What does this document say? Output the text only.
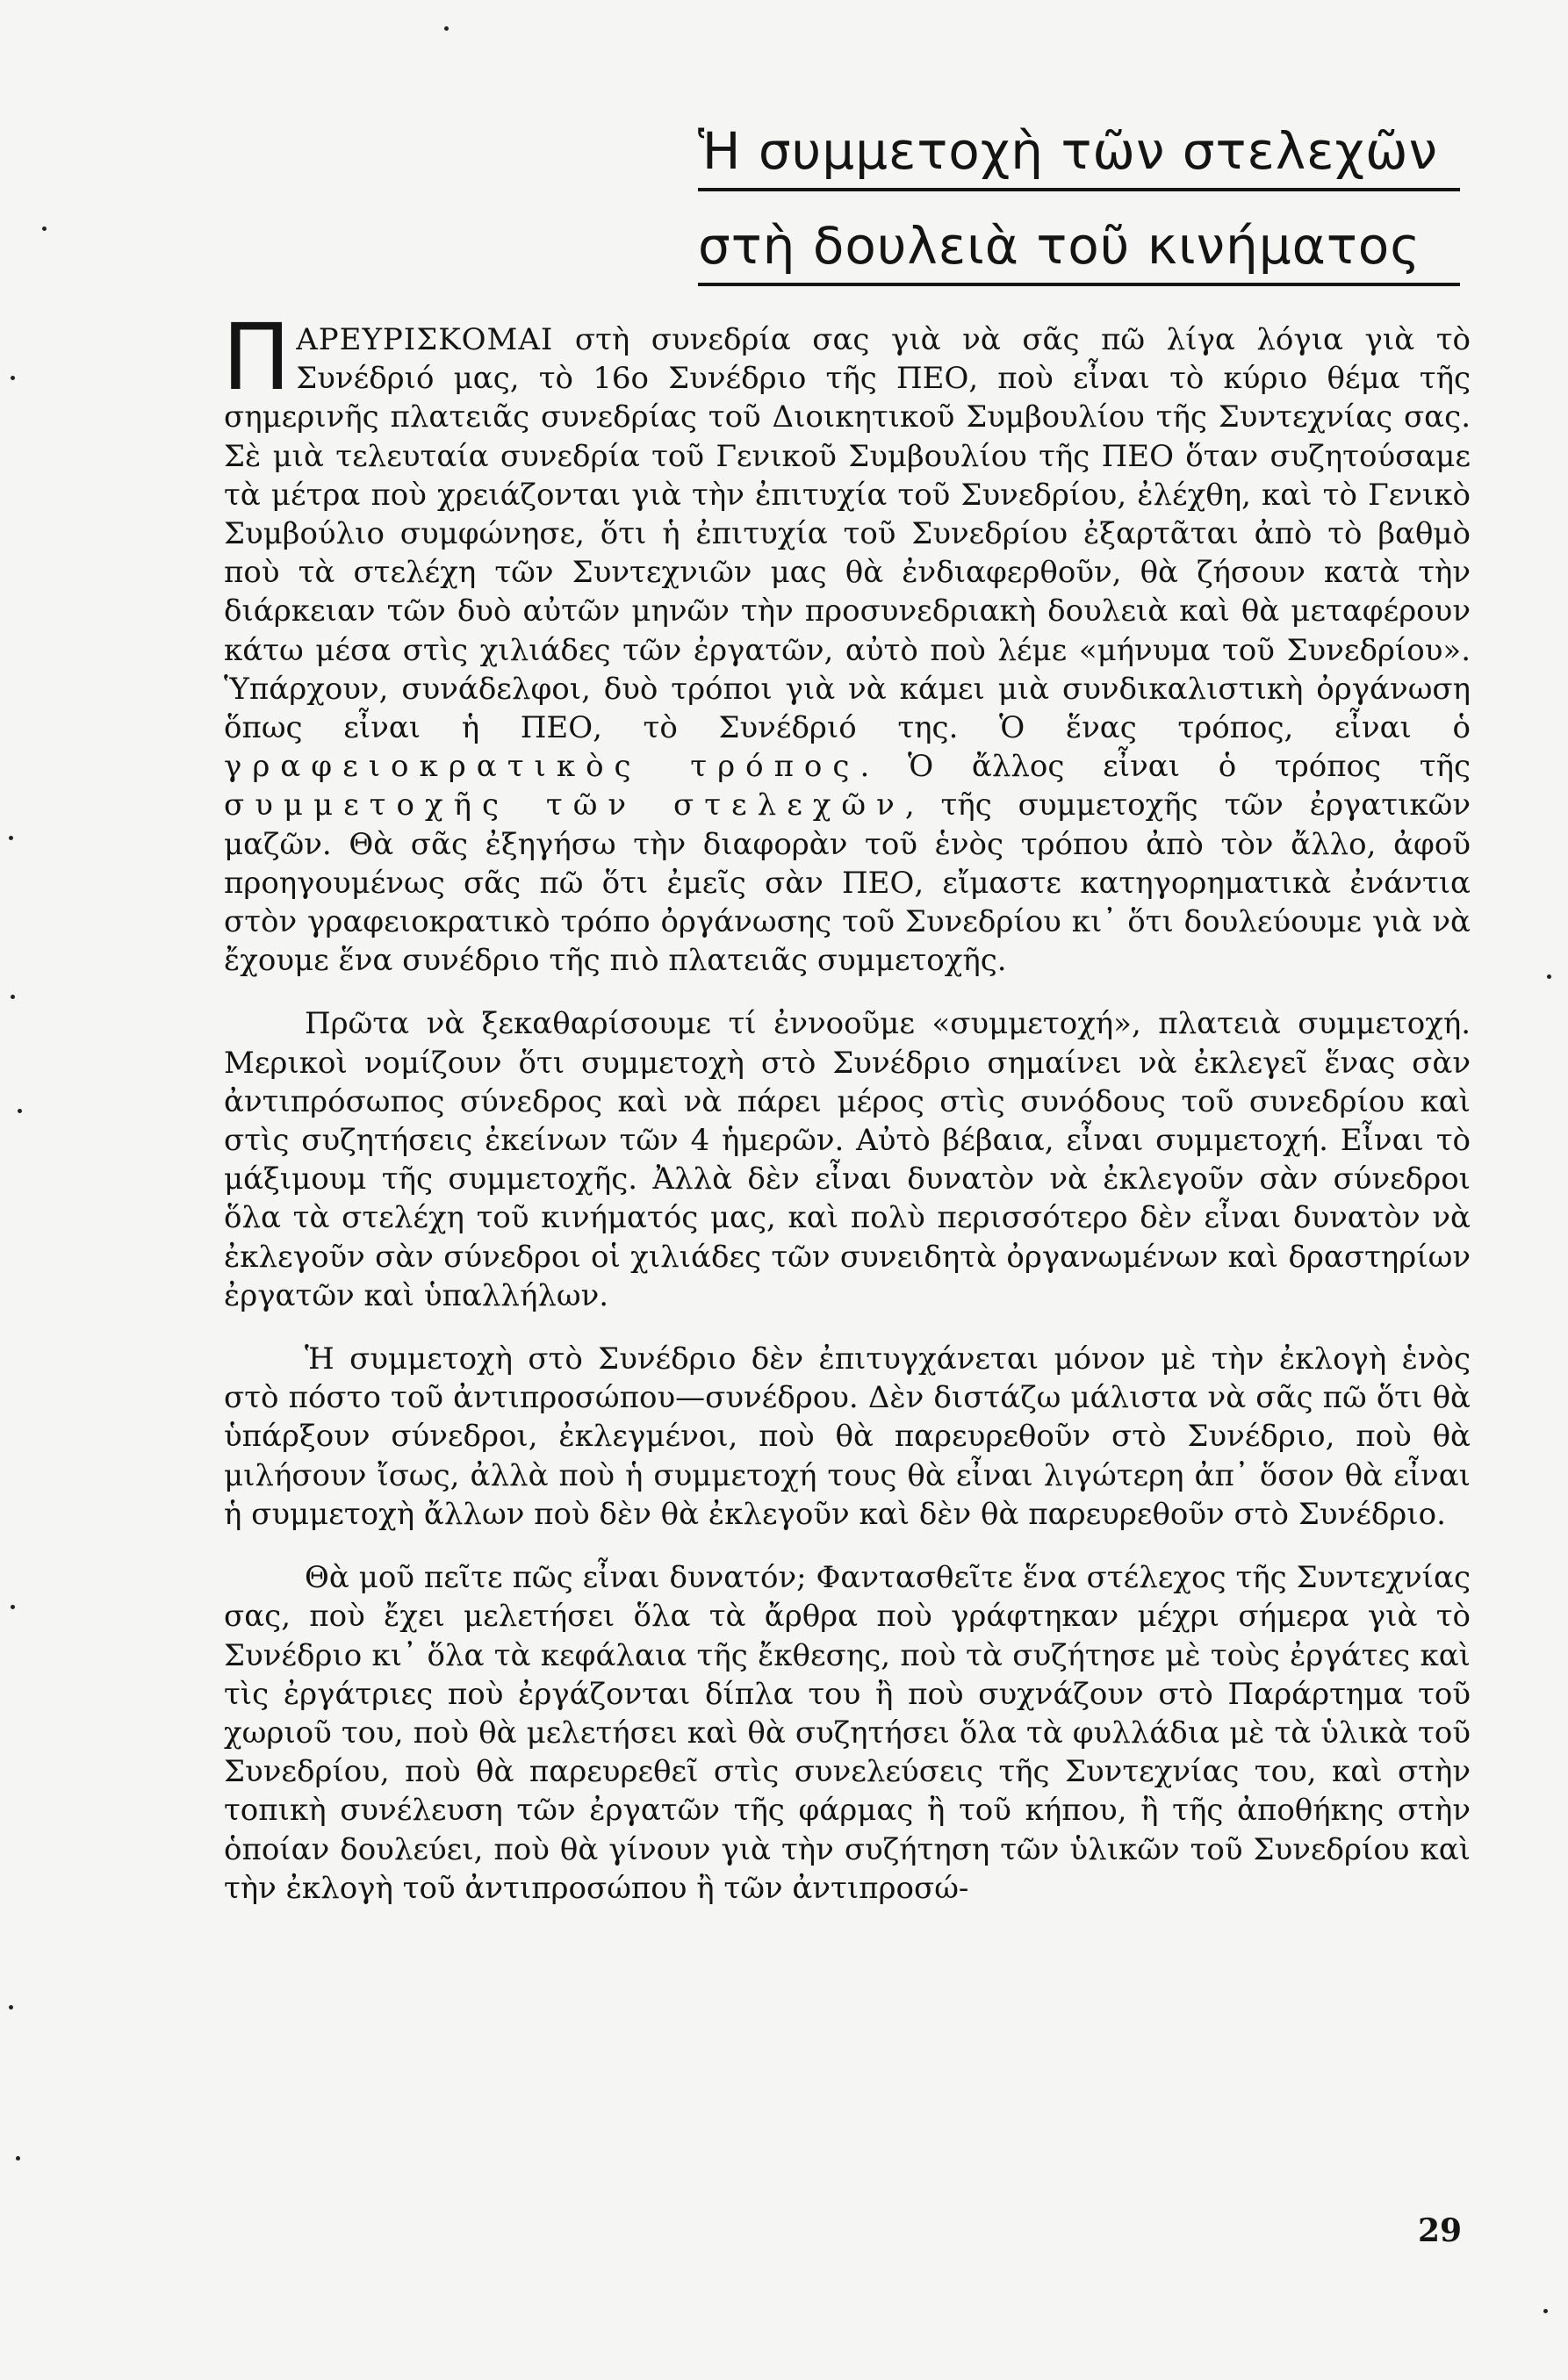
Ἡ συμμετοχὴ τῶν στελεχῶν στὴ δουλειὰ τοῦ κινήματος

ΠΑΡΕΥΡΙΣΚΟΜΑΙ στὴ συνεδρία σας γιὰ νὰ σᾶς πῶ λίγα λόγια γιὰ τὸ Συνέδριό μας, τὸ 16ο Συνέδριο τῆς ΠΕΟ, ποὺ εἶναι τὸ κύριο θέμα τῆς σημερινῆς πλατειᾶς συνεδρίας τοῦ Διοικητικοῦ Συμβουλίου τῆς Συντεχνίας σας. Σὲ μιὰ τελευταία συνεδρία τοῦ Γενικοῦ Συμβουλίου τῆς ΠΕΟ ὅταν συζητούσαμε τὰ μέτρα ποὺ χρειάζονται γιὰ τὴν ἐπιτυχία τοῦ Συνεδρίου, ἐλέχθη, καὶ τὸ Γενικὸ Συμβούλιο συμφώνησε, ὅτι ἡ ἐπιτυχία τοῦ Συνεδρίου ἐξαρτᾶται ἀπὸ τὸ βαθμὸ ποὺ τὰ στελέχη τῶν Συντεχνιῶν μας θὰ ἐνδιαφερθοῦν, θὰ ζήσουν κατὰ τὴν διάρκειαν τῶν δυὸ αὐτῶν μηνῶν τὴν προσυνεδριακὴ δουλειὰ καὶ θὰ μεταφέρουν κάτω μέσα στὶς χιλιάδες τῶν ἐργατῶν, αὐτὸ ποὺ λέμε «μήνυμα τοῦ Συνεδρίου». Ὑπάρχουν, συνάδελφοι, δυὸ τρόποι γιὰ νὰ κάμει μιὰ συνδικαλιστικὴ ὀργάνωση ὅπως εἶναι ἡ ΠΕΟ, τὸ Συνέδριό της. Ὁ ἕνας τρόπος, εἶναι ὁ γραφειοκρατικὸς τρόπος. Ὁ ἄλλος εἶναι ὁ τρόπος τῆς συμμετοχῆς τῶν στελεχῶν, τῆς συμμετοχῆς τῶν ἐργατικῶν μαζῶν. Θὰ σᾶς ἐξηγήσω τὴν διαφορὰν τοῦ ἑνὸς τρόπου ἀπὸ τὸν ἄλλο, ἀφοῦ προηγουμένως σᾶς πῶ ὅτι ἐμεῖς σὰν ΠΕΟ, εἴμαστε κατηγορηματικὰ ἐνάντια στὸν γραφειοκρατικὸ τρόπο ὀργάνωσης τοῦ Συνεδρίου κι᾿ ὅτι δουλεύουμε γιὰ νὰ ἔχουμε ἕνα συνέδριο τῆς πιὸ πλατειᾶς συμμετοχῆς.

Πρῶτα νὰ ξεκαθαρίσουμε τί ἐννοοῦμε «συμμετοχή», πλατειὰ συμμετοχή. Μερικοὶ νομίζουν ὅτι συμμετοχὴ στὸ Συνέδριο σημαίνει νὰ ἐκλεγεῖ ἕνας σὰν ἀντιπρόσωπος σύνεδρος καὶ νὰ πάρει μέρος στὶς συνόδους τοῦ συνεδρίου καὶ στὶς συζητήσεις ἐκείνων τῶν 4 ἡμερῶν. Αὐτὸ βέβαια, εἶναι συμμετοχή. Εἶναι τὸ μάξιμουμ τῆς συμμετοχῆς. Ἀλλὰ δὲν εἶναι δυνατὸν νὰ ἐκλεγοῦν σὰν σύνεδροι ὅλα τὰ στελέχη τοῦ κινήματός μας, καὶ πολὺ περισσότερο δὲν εἶναι δυνατὸν νὰ ἐκλεγοῦν σὰν σύνεδροι οἱ χιλιάδες τῶν συνειδητὰ ὀργανωμένων καὶ δραστηρίων ἐργατῶν καὶ ὑπαλλήλων.

Ἡ συμμετοχὴ στὸ Συνέδριο δὲν ἐπιτυγχάνεται μόνον μὲ τὴν ἐκλογὴ ἑνὸς στὸ πόστο τοῦ ἀντιπροσώπου—συνέδρου. Δὲν διστάζω μάλιστα νὰ σᾶς πῶ ὅτι θὰ ὑπάρξουν σύνεδροι, ἐκλεγμένοι, ποὺ θὰ παρευρεθοῦν στὸ Συνέδριο, ποὺ θὰ μιλήσουν ἴσως, ἀλλὰ ποὺ ἡ συμμετοχή τους θὰ εἶναι λιγώτερη ἀπ᾿ ὅσον θὰ εἶναι ἡ συμμετοχὴ ἄλλων ποὺ δὲν θὰ ἐκλεγοῦν καὶ δὲν θὰ παρευρεθοῦν στὸ Συνέδριο.

Θὰ μοῦ πεῖτε πῶς εἶναι δυνατόν; Φαντασθεῖτε ἕνα στέλεχος τῆς Συντεχνίας σας, ποὺ ἔχει μελετήσει ὅλα τὰ ἄρθρα ποὺ γράφτηκαν μέχρι σήμερα γιὰ τὸ Συνέδριο κι᾿ ὅλα τὰ κεφάλαια τῆς ἔκθεσης, ποὺ τὰ συζήτησε μὲ τοὺς ἐργάτες καὶ τὶς ἐργάτριες ποὺ ἐργάζονται δίπλα του ἢ ποὺ συχνάζουν στὸ Παράρτημα τοῦ χωριοῦ του, ποὺ θὰ μελετήσει καὶ θὰ συζητήσει ὅλα τὰ φυλλάδια μὲ τὰ ὑλικὰ τοῦ Συνεδρίου, ποὺ θὰ παρευρεθεῖ στὶς συνελεύσεις τῆς Συντεχνίας του, καὶ στὴν τοπικὴ συνέλευση τῶν ἐργατῶν τῆς φάρμας ἢ τοῦ κήπου, ἢ τῆς ἀποθήκης στὴν ὁποίαν δουλεύει, ποὺ θὰ γίνουν γιὰ τὴν συζήτηση τῶν ὑλικῶν τοῦ Συνεδρίου καὶ τὴν ἐκλογὴ τοῦ ἀντιπροσώπου ἢ τῶν ἀντιπροσώ-

29
